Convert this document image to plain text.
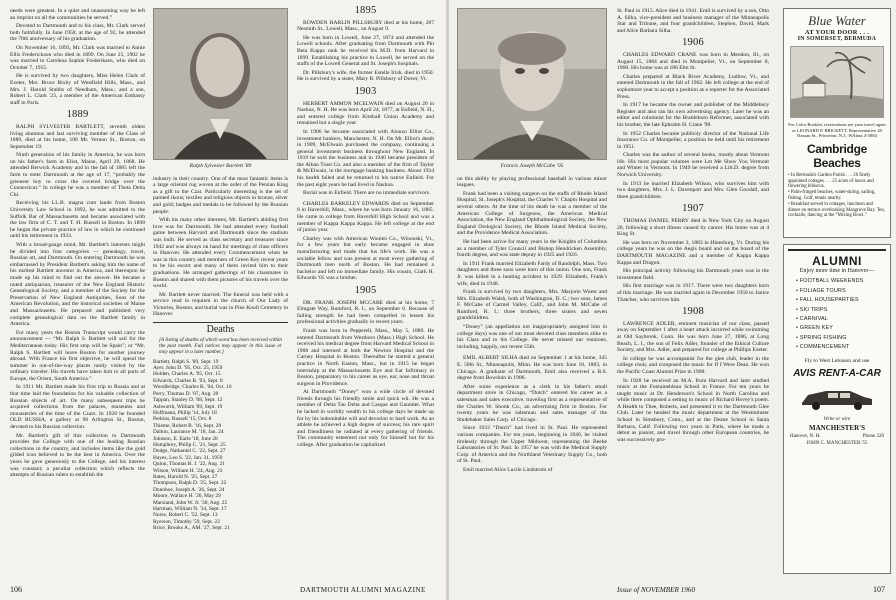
needs were greatest. In a quiet and unassuming way he left an imprint on all the communities he served.”

Devoted to Dartmouth and to his class, Mr. Clark served both faithfully. In June 1958, at the age of 92, he attended the 70th anniversary of his graduation.

On November 16, 1893, Mr. Clark was married to Annie Ellis Frederickson who died in 1899. On June 25, 1902 he was married to Carolena Sophie Frederiksen, who died on October 7, 1955.

He is survived by two daughters, Miss Helen Clark of Exeter, Mrs. Bruce Bixby of Westfield Hills, Mass., and Mrs. J. Harold Stubbs of Needham, Mass.; and a son, Robert L. Clark '23, a member of the American Embassy staff in Paris.

1889

RALPH SYLVESTER BARTLETT, seventh oldest living alumnus and last surviving member of the Class of 1889, died at his home, 108 Mt. Vernon St., Boston, on September 19.

Ninth generation of his family in America, he was born on his father's farm in Eliot, Maine, April 29, 1868. He attended Berwick Academy and in the fall of 1885 left the farm to enter Dartmouth at the age of 17, “probably the greenest boy to cross the covered bridge over the Connecticut.” In college he was a member of Theta Delta Chi.

Receiving his LL.B. magna cum laude from Boston University Law School in 1892, he was admitted to the Suffolk Bar of Massachusetts and became associated with the law firm of C. T. and T. H. Russell in Boston. In 1898 he began the private practice of law in which he continued until his retirement in 1933.

With a broad-gauge mind, Mr. Bartlett's interests might be divided into four categories — genealogy, travel, Russian art, and Dartmouth. On entering Dartmouth he was embarrassed by President Bartlett's asking him the name of his earliest Bartlett ancestor in America, and thereupon he made up his mind to find out the answer. He became a noted antiquarian, treasurer of the New England Historic Genealogical Society, and a member of the Society for the Preservation of New England Antiquities, Sons of the American Revolution, and the historical societies of Maine and Massachusetts. He prepared and published very complete genealogical data on the Bartlett family in America.

For many years the Boston Transcript would carry the announcement — “Mr. Ralph S. Bartlett will sail for the Mediterranean today. His first stop will be Spain”; or “Mr. Ralph S. Bartlett will leave Boston for another journey abroad. With France his first objective, he will spend the summer in out-of-the-way places rarely visited by the ordinary traveler. His travels have taken him to all parts of Europe, the Orient, South America.”

In 1911 Mr. Bartlett made his first trip to Russia and at that time laid the foundation for his valuable collection of Russian objects of art. On many subsequent trips he acquired collections from the palaces, museums and monasteries of the time of the Czars. In 1928 he founded OLD RUSSIA, a gallery at 96 Arlington St., Boston, devoted to his Russian collection.

Mr. Bartlett's gift of this collection to Dartmouth provides the College with one of the leading Russian collections in the country, and includes items like the gold gilded icon believed to be the best in America. Over the years he gave generously to the College, and his interest was constant; a peculiar collection which reflects the attempts of Russian rulers to establish the

Ralph Sylvester Bartlett '89

industry in their country. One of the most fantastic items is a large oriental rug woven at the order of the Persian King as a gift to the Czar. Particularly interesting is the set of painted ikons; textiles and religious objects in bronze, silver and gold; badges and medals to be followed by the Russian people.

With his many other interests, Mr. Bartlett's abiding first love was for Dartmouth. He had attended every football game between Harvard and Dartmouth since the stadium was built. He served as class secretary and treasurer since 1942 and was always on hand for meetings of class officers in Hanover. He attended every Commencement when he was in this country and members of Green Key recent years to be his escort and many of them invited him to their graduations. He arranged gatherings of his classmates in Boston and shared with them pictures of his travels over the world.

Mr. Bartlett never married. The funeral was held with a service read in requiem in the church of Our Lady of Victories, Boston, and burial was in Pine Knoll Cemetery in Hanover.

Deaths
[A listing of deaths of which word has been received within the past month. Full notices may appear in this issue or may appear in a later number.]
Bartlett, Ralph S. '89, Sept. 19
Ayer, John D. '95, Oct. 25, 1959
Holden, Charles A. '95, Oct. 15
Edwards, Charles B. '03, Sept. 8
Woodbridge, Charles K. '04, Oct. 16
Perry, Thomas D. '07, Aug. 20
Tappan, Stanley D. '08, Sept. 12
Ashworth, William '09, Sept. 19
Hoffmann, Philip '14, July 18
Perkins, Russell '15, Oct. 8
Thieme, Robert B. '16, Sept. 20
Dalton, Laurance M. '18, Jan. 24
Johnson, E. Earle '18, June 28
Humphrey, Philip C. '21, Sept. 25
Dodge, Nathaniel C. '22, Sept. 27
Hayes, Leo S. '22, Jan. 31, 1959
Quinn, Thomas B. J. '22, Aug. 21
Wilson, William H. '24, Aug. 23
Bates, Harold N. '25, Sept. 27
Thompson, Ralph D. '25, Sept. 22
Donohoe, Joseph A. '26, Sept. 24
Moore, Wallace H. '26, May 29
Marsland, John W. Jr. '30, Aug. 25
Hartman, William N. '34, Sept. 17
Nurse, Robert C. '52, Sept. 13
Ryerson, Timothy '59, Sept. 22
Brice, Brooks A., AM. '27, Sept. 21
1895

BOWDEN HARLIN PILLSBURY died at his home, 287 Nesmith St., Lowell, Mass., on August 9.

He was born in Lowell, June 27, 1874 and attended the Lowell schools. After graduating from Dartmouth with Phi Beta Kappa rank he received his M.D. from Harvard in 1899. Establishing his practice in Lowell, he served on the staffs of the Lowell General and St. Joseph's hospitals.

Dr. Pillsbury's wife, the former Estelle Irish, died in 1950. He is survived by a sister, Mary B. Pillsbury of Dover, Vt.

1903

HERBERT AMMON MCELWAIN died on August 20 in Nashua, N. H. He was born April 24, 1877, at Enfield, N. H., and entered college from Kimball Union Academy and remained but a single year.

In 1906 he became associated with Alonzo Elliot Co., investment bankers, Manchester, N. H. On Mr. Elliot's death in 1909, McElwain purchased the company, continuing a general investment business throughout New England. In 1919 he sold the business and in 1940 became president of the Alban Trust Co. and also a member of the firm of Taylor & McElwain, in the mortgage banking business. About 1934 his health failed and he returned to his native Enfield. For the past eight years he had lived in Nashua.

Burial was in Enfield. There are no immediate survivors.

CHARLES BARKELEY EDWARDS died on September 8 in Haverhill, Mass., where he was born January 16, 1885. He came to college from Haverhill High School and was a member of Kappa Kappa Kappa. He left college at the end of junior year.

Charley was with American Woolen Co., Winooski, Vt., for a few years but early became engaged in shoe manufacturing and made that his life's work. He was a sociable fellow and was present at most every gathering of Dartmouth men north of Boston. He had remained a bachelor and left no immediate family. His cousin, Clark H. Edwards '05 was a brother.

1905

DR. FRANK JOSEPH MCCABE died at his home, 7 Elmgate Way, Rumford, R. I., on September 6. Because of failing strength he had been compelled to lessen his professional activities gradually in recent years.

Frank was born in Pepperell, Mass., May 5, 1880. He entered Dartmouth from Westboro (Mass.) High School. He received his medical degree from Harvard Medical School in 1908 and interned at both the Newton Hospital and the Carney Hospital in Boston. Thereafter he started a general practice in North Easton, Mass., but in 1915 he began internship at the Massachusetts Eye and Ear Infirmary in Boston, preparatory to his career as eye, ear, nose and throat surgeon in Providence.

At Dartmouth “Doney” won a wide circle of devoted friends through his friendly smile and quick wit. He was a member of Delta Tau Delta and Casque and Gauntlet. What he lacked in worldly wealth in his college days he made up for by his indomitable will and devotion to hard work. As an athlete he achieved a high degree of success; his rare spirit and friendliness he radiated at every gathering of friends. The community esteemed not only for himself but for his college. After graduation he capitalized

106	DARTMOUTH ALUMNI MAGAZINE
Francis Joseph McCabe '05

on this ability by playing professional baseball in various minor leagues.

Frank had been a visiting surgeon on the staffs of Rhode Island Hospital, St. Joseph's Hospital, the Charles V. Chapin Hospital and several others. At the time of his death he was a member of the American College of Surgeons, the American Medical Association, the New England Ophthalmological Society, the New England Otological Society, the Rhode Island Medical Society, and the Providence Medical Association.

He had been active for many years in the Knights of Columbus as a member of Tyler Council and Bishop Hendricken Assembly, fourth degree, and was state deputy in 1925 and 1926.

In 1911 Frank married Elizabeth Fardy of Randolph, Mass. Two daughters and three sons were born of this union. One son, Frank Jr. was killed in a hunting accident in 1929. Elizabeth, Frank's wife, died in 1948.

Frank is survived by two daughters, Mrs. Marjorie Wuest and Mrs. Elizabeth Walsh, both of Washington, D. C.; two sons, James F. McCabe of Carmel Valley, Calif., and John M. McCabe of Rumford, R. I.; three brothers, three sisters and seven grandchildren.

“Doney” (an appellation not inappropriately assigned him in college days) was one of our most devoted class members alike to his Class and to his College. He never missed our reunions, including, happily, our recent 55th.

EMIL ALBERT SILHA died on September 1 at his home, 345 E. 58th St., Minneapolis, Minn. He was born June 10, 1883, in Chicago. A graduate of Dartmouth, Emil also received a B.S. degree from Bowdoin in 1906.

After some experience as a clerk in his father's small department store in Chicago, “Dutch” entered his career as a salesman and sales executive, traveling first as a representative of the Charles W. Shonk Co., an advertising firm in Boston. For twenty years he was salesman and sales manager of the Studebaker Sales Corp. of Chicago.

Since 1933 “Dutch” had lived in St. Paul. He represented various companies. For ten years, beginning in 1946, he visited tirelessly through the Upper Midwest, representing the Beebe Laboratories of St. Paul. In 1957 he was with the Medical Supply Corp. of America and the Northland Veterinary Supply Co., both of St. Paul.

Emil married Alice Lucile Lindstrom of

St. Paul in 1915. Alice died in 1941. Emil is survived by a son, Otto A. Silha, vice-president and business manager of the Minneapolis Star and Tribune, and four grandchildren, Stephen, David, Mark and Alice Barbara Silha.

1906

CHARLES EDWARD CRANE was born in Mendon, Ill., on August 15, 1884 and died in Montpelier, Vt., on September 8, 1960. His home was at 186 Elm St.

Charles prepared at Black River Academy, Ludlow, Vt., and entered Dartmouth in the fall of 1902. He left college at the end of sophomore year to accept a position as a reporter for the Associated Press.

In 1917 he became the owner and publisher of the Middlebury Register and also ran his own advertising agency. Later he was an editor and columnist for the Brattleboro Reformer, associated with his brother, the late Ephraim H. Crane '98.

In 1952 Charles became publicity director of the National Life Insurance Co. of Montpelier, a position he held until his retirement in 1951.

Charles was the author of several books, mostly about Vermont life. His most popular volumes were Let Me Show You Vermont and Winter in Vermont. In 1949 he received a Litt.D. degree from Norwich University.

In 1913 he married Elizabeth Wilson, who survives him with two daughters, Mrs. J. L. Davenport and Mrs. Glen Goodall, and three grandchildren.

1907

THOMAS DANIEL PERRY died in New York City on August 20, following a short illness caused by cancer. His home was at 4 King St.

He was born on November 2, 1883 in Hinesburg, Vt. During his college years he was on the Aegis board and on the board of the DARTMOUTH MAGAZINE and a member of Kappa Kappa Kappa and Dragon.

His principal activity following his Dartmouth years was in the investment field.

His first marriage was in 1917. There were two daughters born of this marriage. He was married again in December 1950 to Janice Thatcher, who survives him.

1908

LAWRENCE ADLER, eminent musician of our class, passed away on September 1 after a heart attack incurred while swimming at Old Saybrook, Conn. He was born June 27, 1886, at Long Beach, L. I., the son of Felix Adler, founder of the Ethical Culture Society, and Mrs. Adler, and prepared for college at Phillips Exeter.

In college he was accompanist for the glee club, leader in the college choir, and composed the music for If I Were Dean. He won the Pacific Coast Alumni Prize in 1908.

In 1928 he received an M.A. from Harvard and later studied music at the Fontainebleau School in France. For ten years he taught music at Dr. Henderson's School in North Carolina and while there composed a setting to music of Richard Hovey's poem. A Health to Thee, Roberts, and presented it to the Dartmouth Glee Club. Later he headed the music department at the Westminster School in Simsbury, Conn., and at the Deane School in Santa Barbara, Calif. Following two years in Paris, where he made a debut as pianist, and travel through other European countries, he was successively pro-

Blue Water
AT YOUR DOOR . . .
IN SOMERSET, BERMUDA
For Color Booklet, reservations see your travel agent or LEONARD P. BRICKETT, Representative 20 Nassau St., Princeton, N.J., WAlnut 4-5084
Cambridge Beaches
• In Bermuda's Garden Parish . . . 26 finely appointed cottages . . . 25 acres of lawns and flowering hibiscus.
• Palm-fringed beaches, water-skiing, sailing, fishing. Golf, tennis nearby.
• Breakfast served in cottages, luncheon and dinner on terrace overlooking Mangrove Bay. Tea, cocktails, dancing at the “Mixing Bowl.”
ALUMNI
Enjoy more time in Hanover—
• FOOTBALL WEEKENDS
• FOLIAGE TOURS
• FALL HOUSEPARTIES
• SKI TRIPS
• CARNIVAL
• GREEN KEY
• SPRING FISHING
• COMMENCEMENT
Fly to West Lebanon and use
AVIS RENT-A-CAR
Write or wire
MANCHESTER'S
Hanover, N. H.	Phone 220
JOHN C. MANCHESTER '55
Issue of NOVEMBER 1960	107
